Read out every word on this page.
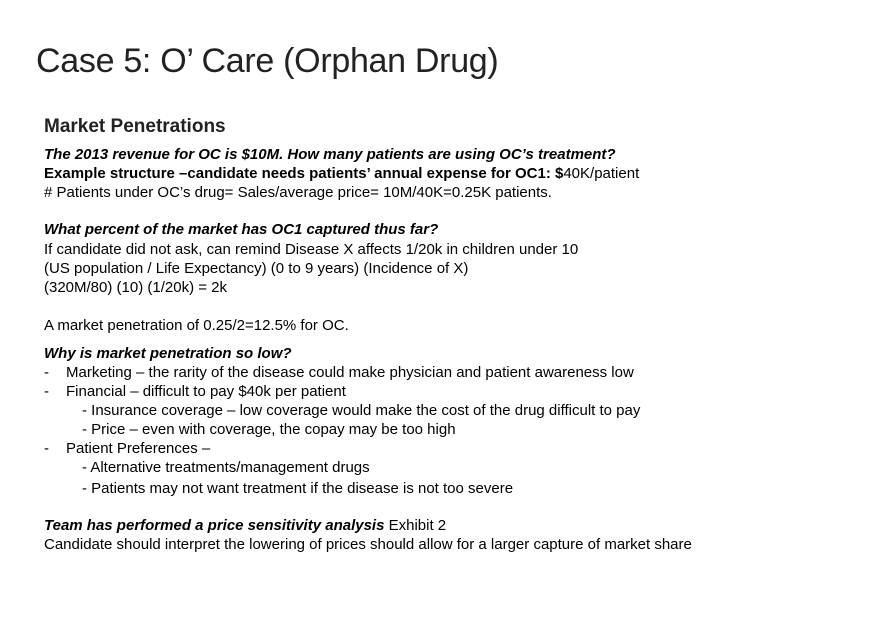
Case 5: O’ Care (Orphan Drug)
Market Penetrations
The 2013 revenue for OC is $10M. How many patients are using OC’s treatment?
Example structure –candidate needs patients’ annual expense for OC1: $40K/patient
# Patients under OC’s drug= Sales/average price= 10M/40K=0.25K patients.
What percent of the market has OC1 captured thus far?
If candidate did not ask, can remind Disease X affects 1/20k in children under 10
(US population / Life Expectancy) (0 to 9 years) (Incidence of X)
(320M/80) (10) (1/20k) = 2k
A market penetration of 0.25/2=12.5% for OC.
Why is market penetration so low?
- Marketing – the rarity of the disease could make physician and patient awareness low
- Financial – difficult to pay $40k per patient
- Insurance coverage – low coverage would make the cost of the drug difficult to pay
- Price – even with coverage, the copay may be too high
- Patient Preferences –
- Alternative treatments/management drugs
- Patients may not want treatment if the disease is not too severe
Team has performed a price sensitivity analysis Exhibit 2
Candidate should interpret the lowering of prices should allow for a larger capture of market share
